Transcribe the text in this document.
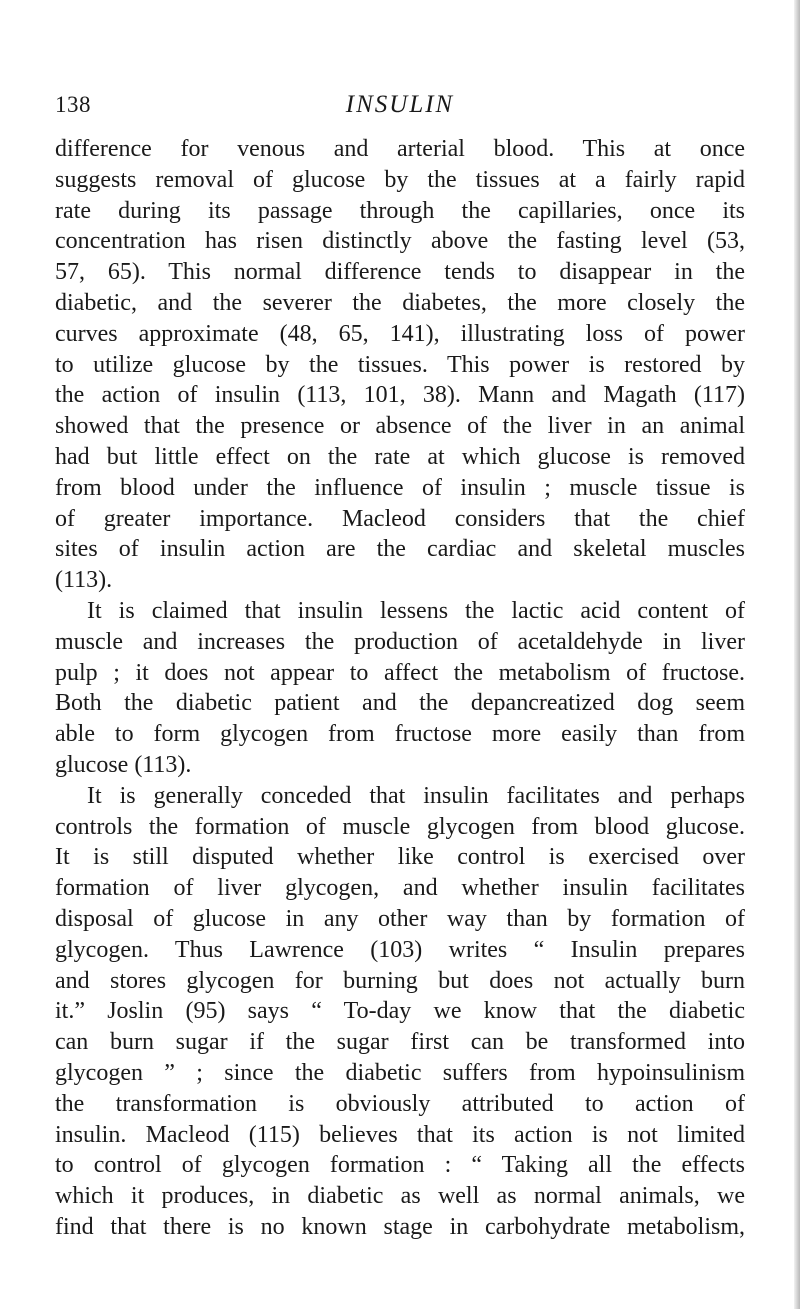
138	INSULIN
difference for venous and arterial blood. This at once
suggests removal of glucose by the tissues at a fairly rapid
rate during its passage through the capillaries, once its
concentration has risen distinctly above the fasting level (53,
57, 65). This normal difference tends to disappear in the
diabetic, and the severer the diabetes, the more closely the
curves approximate (48, 65, 141), illustrating loss of power
to utilize glucose by the tissues. This power is restored by
the action of insulin (113, 101, 38). Mann and Magath (117)
showed that the presence or absence of the liver in an animal
had but little effect on the rate at which glucose is removed
from blood under the influence of insulin ; muscle tissue is
of greater importance. Macleod considers that the chief
sites of insulin action are the cardiac and skeletal muscles
(113).
It is claimed that insulin lessens the lactic acid content of
muscle and increases the production of acetaldehyde in liver
pulp ; it does not appear to affect the metabolism of fructose.
Both the diabetic patient and the depancreatized dog seem
able to form glycogen from fructose more easily than from
glucose (113).
It is generally conceded that insulin facilitates and perhaps
controls the formation of muscle glycogen from blood glucose.
It is still disputed whether like control is exercised over
formation of liver glycogen, and whether insulin facilitates
disposal of glucose in any other way than by formation of
glycogen. Thus Lawrence (103) writes “ Insulin prepares
and stores glycogen for burning but does not actually burn
it.” Joslin (95) says “ To-day we know that the diabetic
can burn sugar if the sugar first can be transformed into
glycogen ” ; since the diabetic suffers from hypoinsulinism
the transformation is obviously attributed to action of
insulin. Macleod (115) believes that its action is not limited
to control of glycogen formation : “ Taking all the effects
which it produces, in diabetic as well as normal animals, we
find that there is no known stage in carbohydrate metabolism,
